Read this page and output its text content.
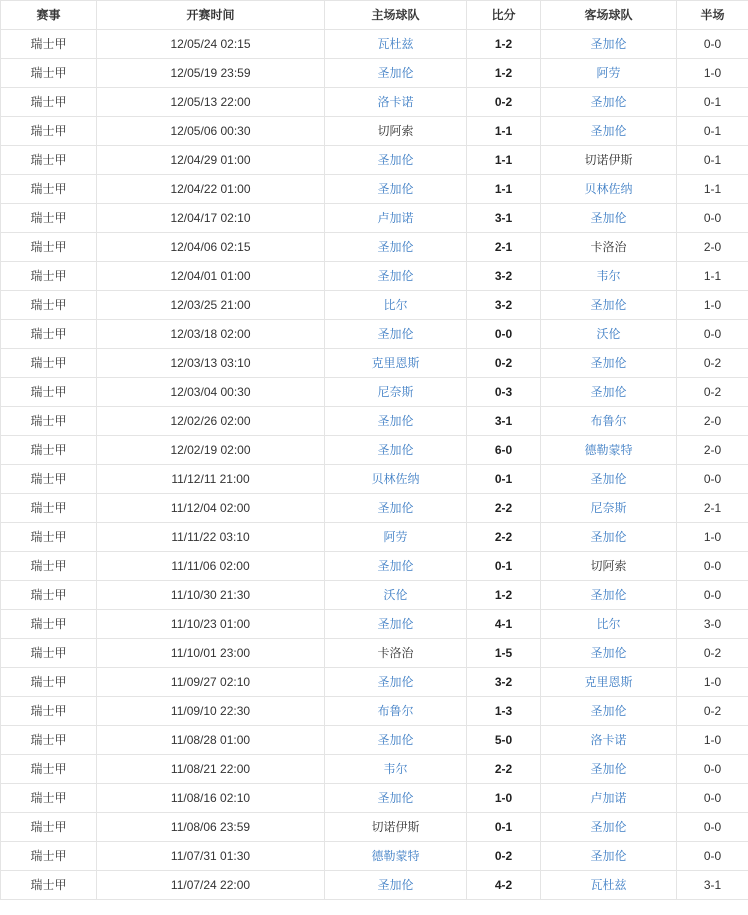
赛事	开赛时间	主场球队	比分	客场球队	半场
瑞士甲	12/05/24 02:15	瓦杜兹	1-2	圣加伦	0-0
瑞士甲	12/05/19 23:59	圣加伦	1-2	阿劳	1-0
瑞士甲	12/05/13 22:00	洛卡诺	0-2	圣加伦	0-1
瑞士甲	12/05/06 00:30	切阿索	1-1	圣加伦	0-1
瑞士甲	12/04/29 01:00	圣加伦	1-1	切诺伊斯	0-1
瑞士甲	12/04/22 01:00	圣加伦	1-1	贝林佐纳	1-1
瑞士甲	12/04/17 02:10	卢加诺	3-1	圣加伦	0-0
瑞士甲	12/04/06 02:15	圣加伦	2-1	卡洛治	2-0
瑞士甲	12/04/01 01:00	圣加伦	3-2	韦尔	1-1
瑞士甲	12/03/25 21:00	比尔	3-2	圣加伦	1-0
瑞士甲	12/03/18 02:00	圣加伦	0-0	沃伦	0-0
瑞士甲	12/03/13 03:10	克里恩斯	0-2	圣加伦	0-2
瑞士甲	12/03/04 00:30	尼奈斯	0-3	圣加伦	0-2
瑞士甲	12/02/26 02:00	圣加伦	3-1	布鲁尔	2-0
瑞士甲	12/02/19 02:00	圣加伦	6-0	德勒蒙特	2-0
瑞士甲	11/12/11 21:00	贝林佐纳	0-1	圣加伦	0-0
瑞士甲	11/12/04 02:00	圣加伦	2-2	尼奈斯	2-1
瑞士甲	11/11/22 03:10	阿劳	2-2	圣加伦	1-0
瑞士甲	11/11/06 02:00	圣加伦	0-1	切阿索	0-0
瑞士甲	11/10/30 21:30	沃伦	1-2	圣加伦	0-0
瑞士甲	11/10/23 01:00	圣加伦	4-1	比尔	3-0
瑞士甲	11/10/01 23:00	卡洛治	1-5	圣加伦	0-2
瑞士甲	11/09/27 02:10	圣加伦	3-2	克里恩斯	1-0
瑞士甲	11/09/10 22:30	布鲁尔	1-3	圣加伦	0-2
瑞士甲	11/08/28 01:00	圣加伦	5-0	洛卡诺	1-0
瑞士甲	11/08/21 22:00	韦尔	2-2	圣加伦	0-0
瑞士甲	11/08/16 02:10	圣加伦	1-0	卢加诺	0-0
瑞士甲	11/08/06 23:59	切诺伊斯	0-1	圣加伦	0-0
瑞士甲	11/07/31 01:30	德勒蒙特	0-2	圣加伦	0-0
瑞士甲	11/07/24 22:00	圣加伦	4-2	瓦杜兹	3-1
